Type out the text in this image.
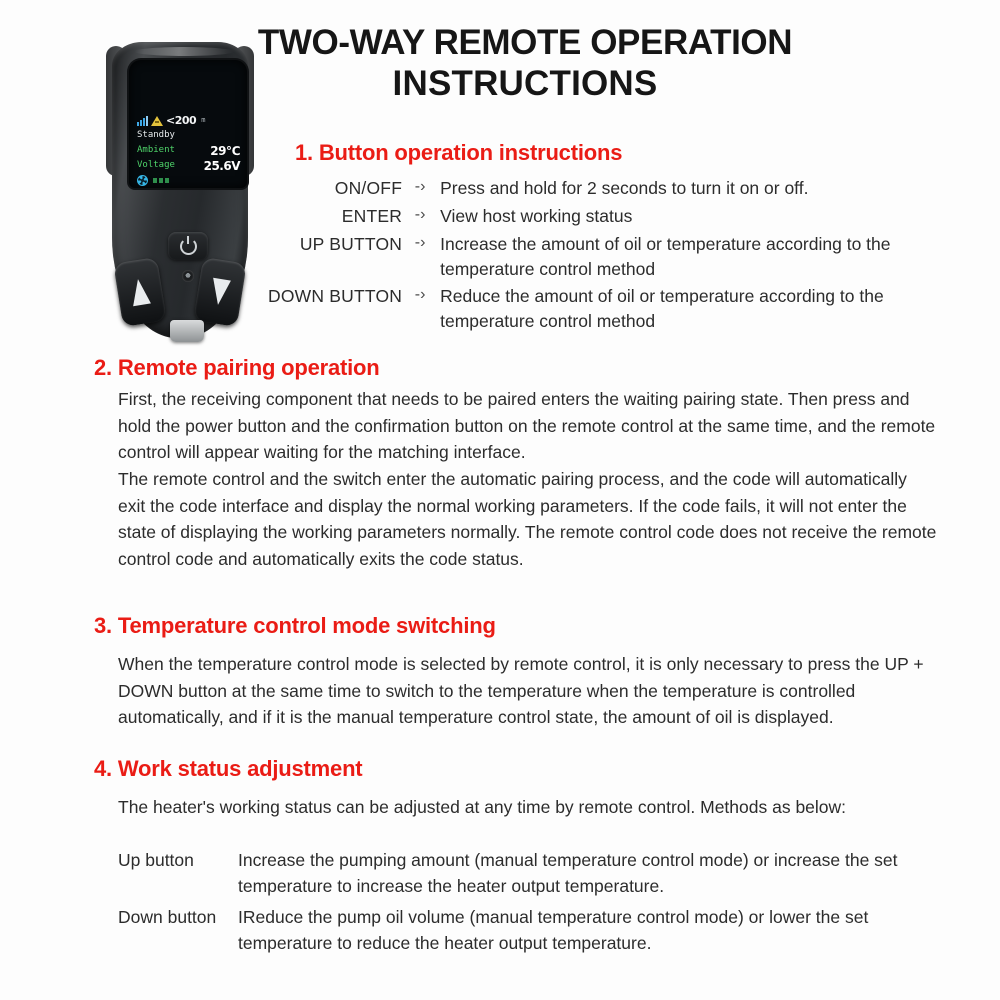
TWO-WAY REMOTE OPERATION
INSTRUCTIONS
<200 m
Standby
Ambient	29℃
Voltage 25.6V
1. Button operation instructions
ON/OFF	‑›	Press and hold for 2 seconds to turn it on or off.
ENTER	‑›	View host working status
UP BUTTON	‑›	Increase the amount of oil or temperature according to the temperature control method
DOWN BUTTON	‑›	Reduce the amount of oil or temperature according to the temperature control method
2. Remote pairing operation
First, the receiving component that needs to be paired enters the waiting pairing state. Then press and hold the power button and the confirmation button on the remote control at the same time, and the remote control will appear waiting for the matching interface.
The remote control and the switch enter the automatic pairing process, and the code will automatically exit the code interface and display the normal working parameters. If the code fails, it will not enter the state of displaying the working parameters normally. The remote control code does not receive the remote control code and automatically exits the code status.
3. Temperature control mode switching
When the temperature control mode is selected by remote control, it is only necessary to press the UP + DOWN button at the same time to switch to the temperature when the temperature is controlled automatically, and if it is the manual temperature control state, the amount of oil is displayed.
4. Work status adjustment
The heater's working status can be adjusted at any time by remote control. Methods as below:
Up button	Increase the pumping amount (manual temperature control mode) or increase the set temperature to increase the heater output temperature.
Down button IReduce the pump oil volume (manual temperature control mode) or lower the set temperature to reduce the heater output temperature.
